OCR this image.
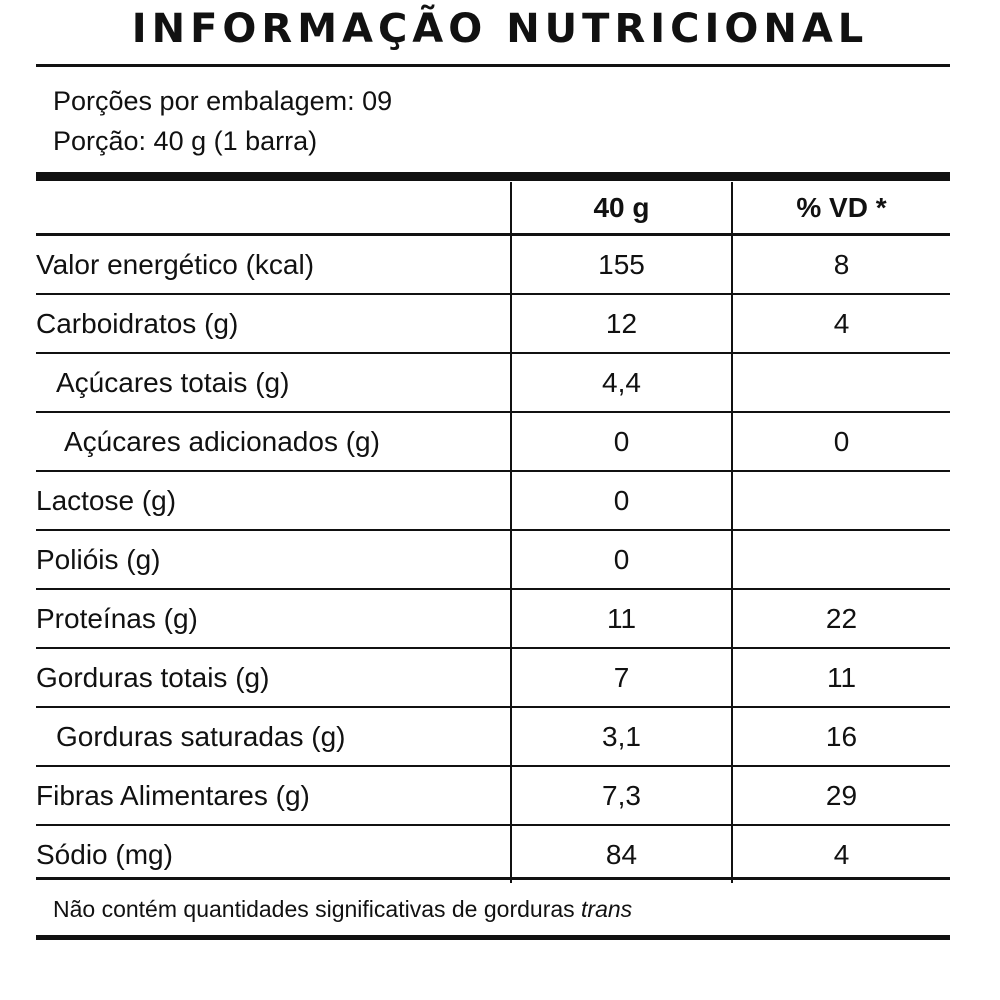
INFORMAÇÃO NUTRICIONAL
Porções por embalagem: 09
Porção: 40 g (1 barra)
	40 g	% VD *
Valor energético (kcal)	155	8
Carboidratos (g)	12	4
Açúcares totais (g)	4,4	
Açúcares adicionados (g)	0	0
Lactose (g)	0	
Polióis (g)	0	
Proteínas (g)	11	22
Gorduras totais (g)	7	11
Gorduras saturadas (g)	3,1	16
Fibras Alimentares (g)	7,3	29
Sódio (mg)	84	4
Não contém quantidades significativas de gorduras trans
